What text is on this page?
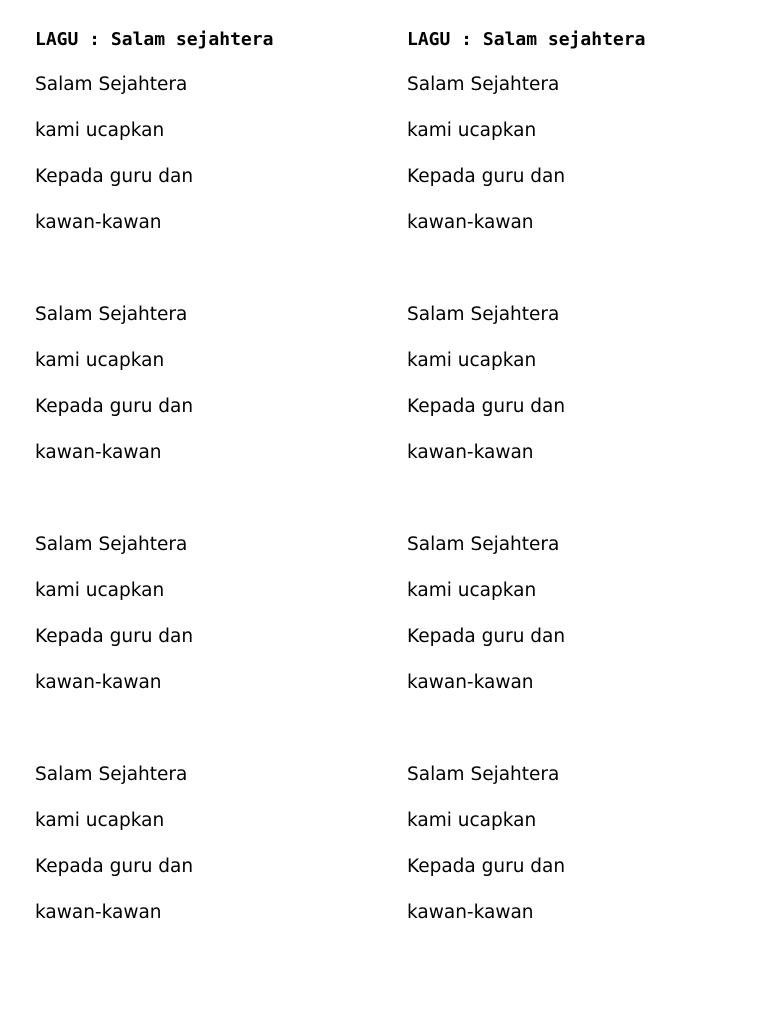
LAGU : Salam sejahtera
Salam Sejahtera
kami ucapkan
Kepada guru dan
kawan-kawan
Salam Sejahtera
kami ucapkan
Kepada guru dan
kawan-kawan
Salam Sejahtera
kami ucapkan
Kepada guru dan
kawan-kawan
Salam Sejahtera
kami ucapkan
Kepada guru dan
kawan-kawan
LAGU : Salam sejahtera
Salam Sejahtera
kami ucapkan
Kepada guru dan
kawan-kawan
Salam Sejahtera
kami ucapkan
Kepada guru dan
kawan-kawan
Salam Sejahtera
kami ucapkan
Kepada guru dan
kawan-kawan
Salam Sejahtera
kami ucapkan
Kepada guru dan
kawan-kawan
